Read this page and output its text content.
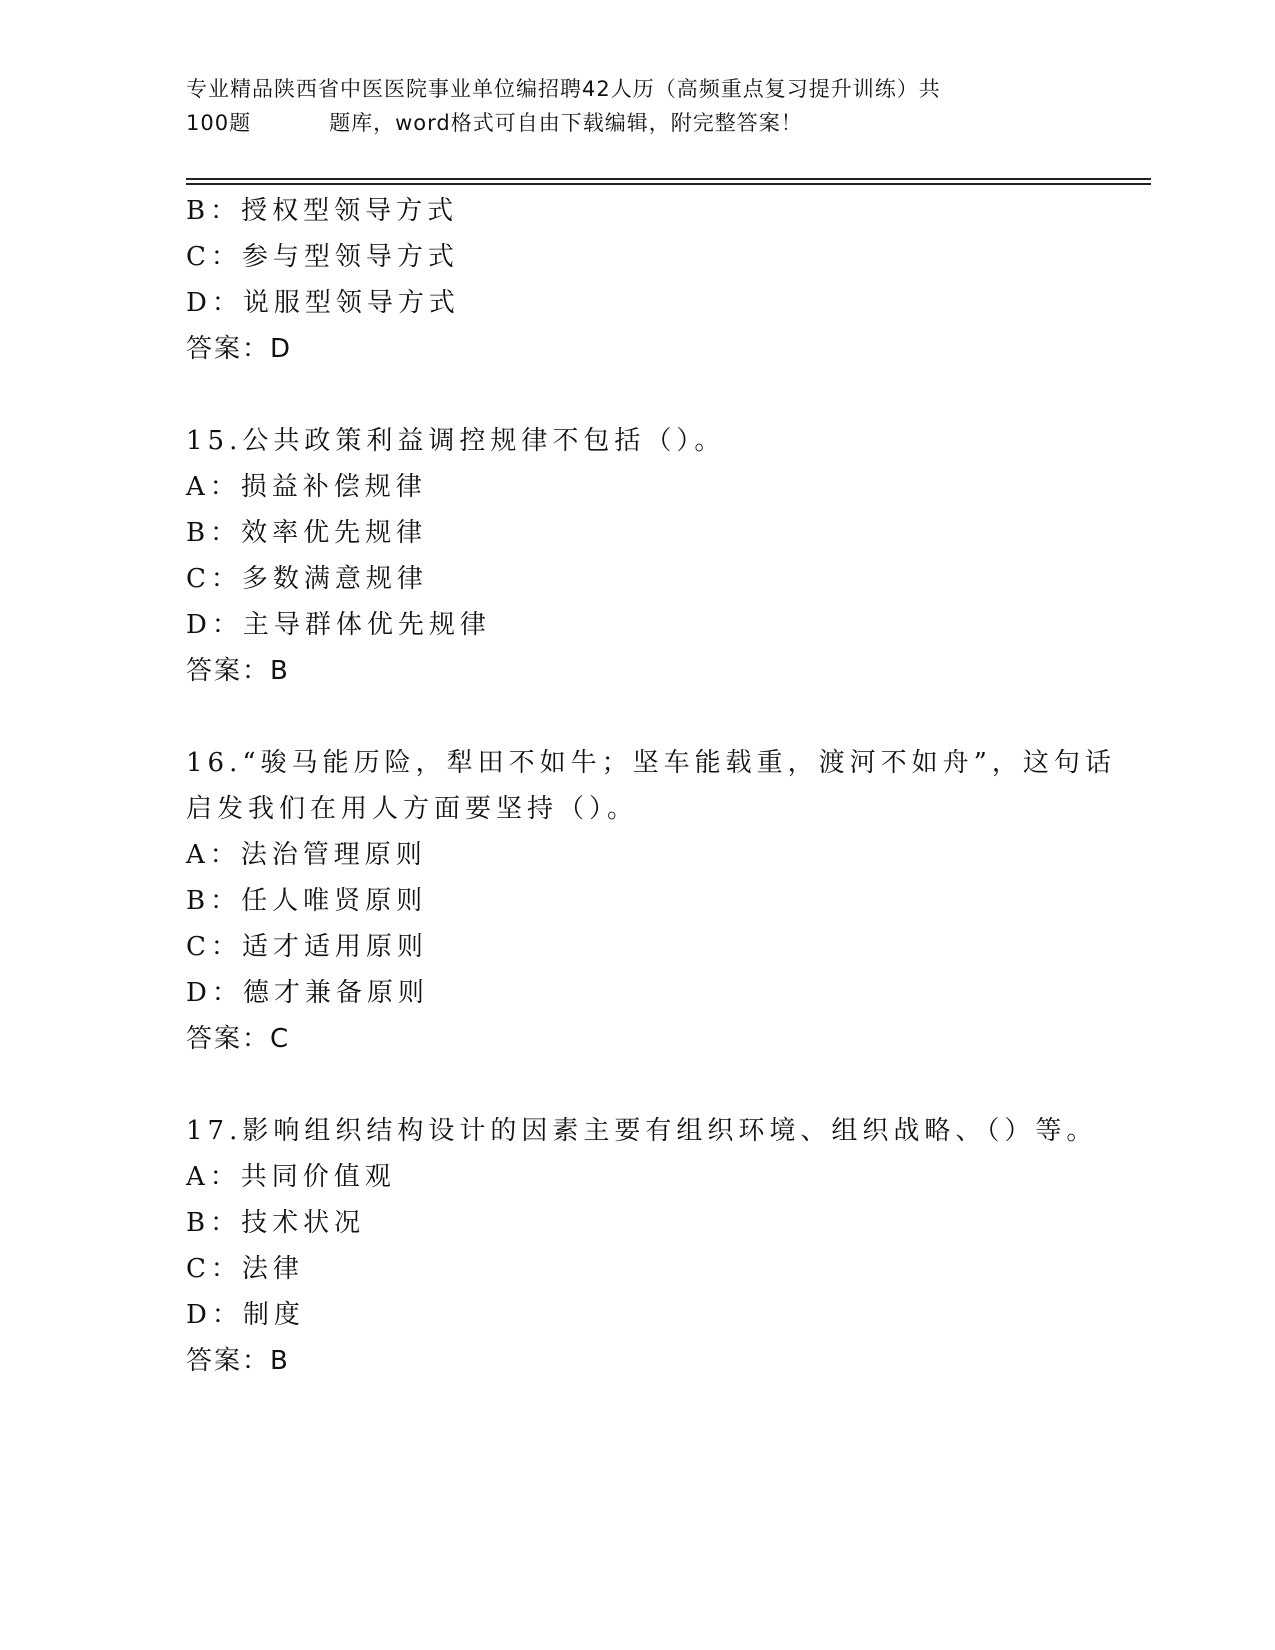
专业精品陕西省中医医院事业单位编招聘42人历（高频重点复习提升训练）共
100题	题库，word格式可自由下载编辑，附完整答案！
B：授权型领导方式
C：参与型领导方式
D：说服型领导方式
答案：D
15.公共政策利益调控规律不包括（）。
A：损益补偿规律
B：效率优先规律
C：多数满意规律
D：主导群体优先规律
答案：B
16.“骏马能历险，犁田不如牛；坚车能载重，渡河不如舟”，这句话
启发我们在用人方面要坚持（）。
A：法治管理原则
B：任人唯贤原则
C：适才适用原则
D：德才兼备原则
答案：C
17.影响组织结构设计的因素主要有组织环境、组织战略、（）等。
A：共同价值观
B：技术状况
C：法律
D：制度
答案：B
